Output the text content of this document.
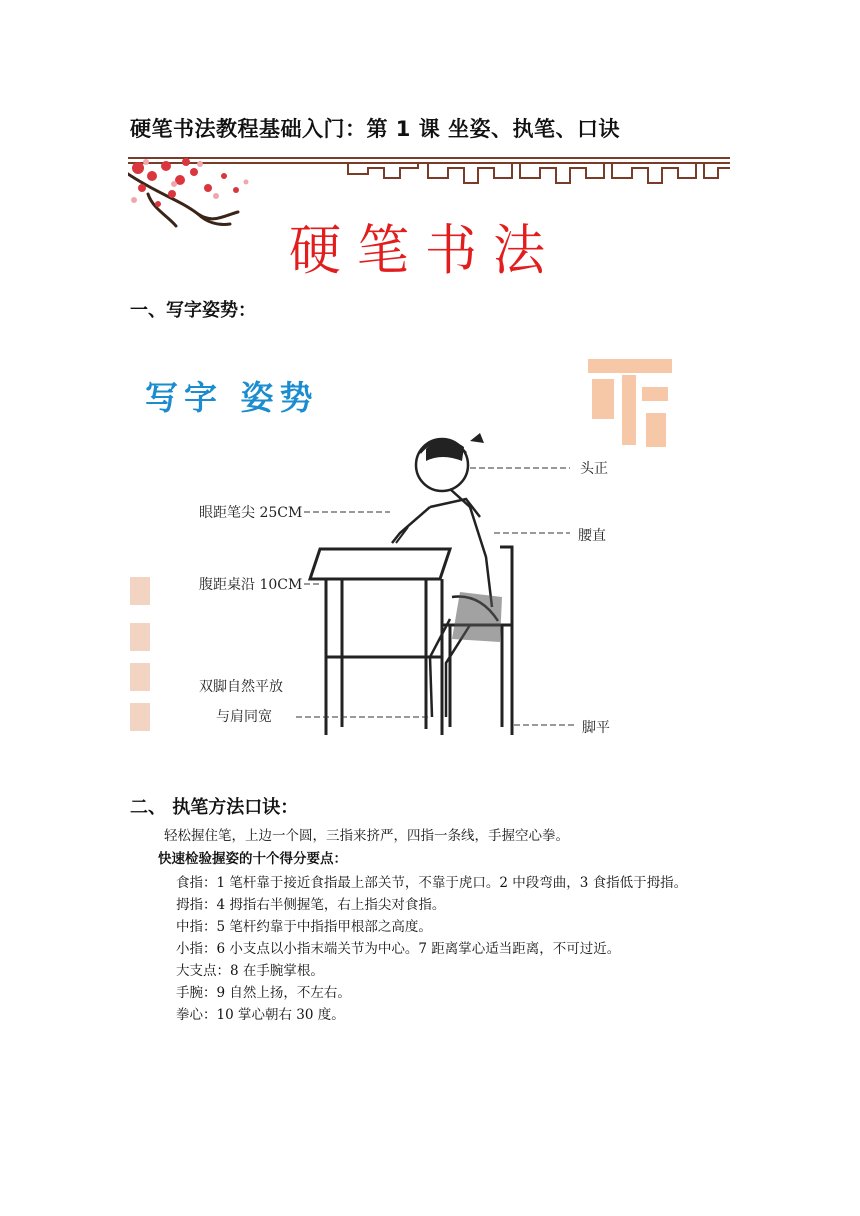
硬笔书法教程基础入门：第 1 课 坐姿、执笔、口诀
硬笔书法
一、写字姿势：
写字 姿势
眼距笔尖 25CM
腹距桌沿 10CM
双脚自然平放
与肩同宽
头正
腰直
脚平
二、 执笔方法口诀：
轻松握住笔，上边一个圆，三指来挤严，四指一条线，手握空心拳。
快速检验握姿的十个得分要点：
食指：1 笔杆靠于接近食指最上部关节，不靠于虎口。2 中段弯曲，3 食指低于拇指。
拇指：4 拇指右半侧握笔，右上指尖对食指。
中指：5 笔杆约靠于中指指甲根部之高度。
小指：6 小支点以小指末端关节为中心。7 距离掌心适当距离，不可过近。
大支点：8 在手腕掌根。
手腕：9 自然上扬，不左右。
拳心：10 掌心朝右 30 度。
